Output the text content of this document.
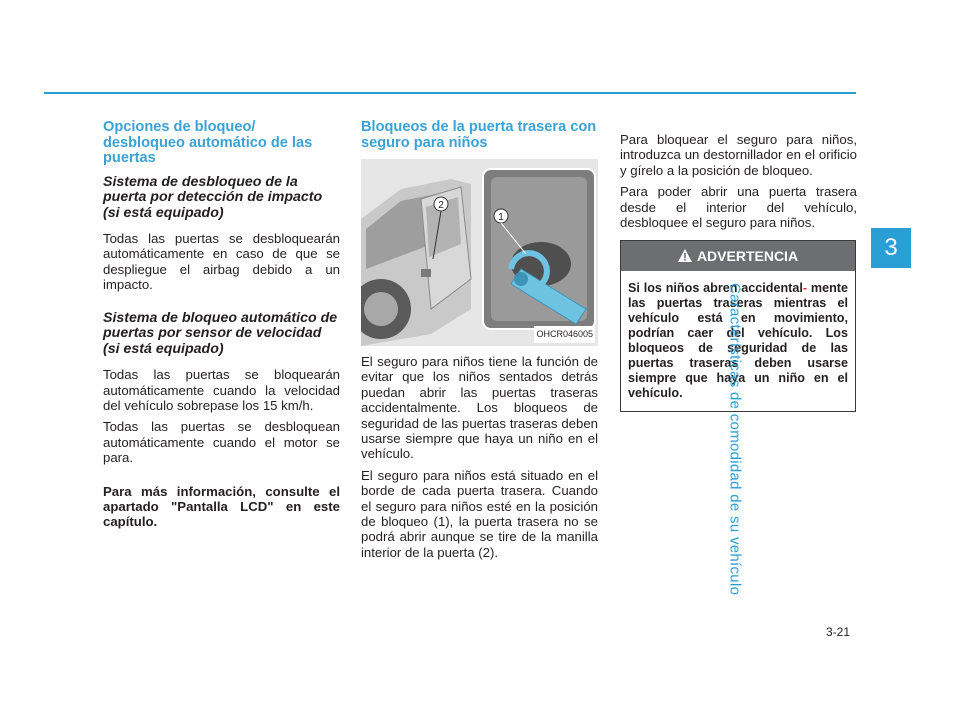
Opciones de bloqueo/ desbloqueo automático de las puertas
Sistema de desbloqueo de la puerta por detección de impacto (si está equipado)

Todas las puertas se desbloquearán automáticamente en caso de que se despliegue el airbag debido a un impacto.

Sistema de bloqueo automático de puertas por sensor de velocidad (si está equipado)

Todas las puertas se bloquearán automáticamente cuando la velocidad del vehículo sobrepase los 15 km/h.

Todas las puertas se desbloquean automáticamente cuando el motor se para.

Para más información, consulte el apartado "Pantalla LCD" en este capítulo.

Bloqueos de la puerta trasera con seguro para niños
2
1
OHCR046005

El seguro para niños tiene la función de evitar que los niños sentados detrás puedan abrir las puertas traseras accidentalmente. Los bloqueos de seguridad de las puertas traseras deben usarse siempre que haya un niño en el vehículo.

El seguro para niños está situado en el borde de cada puerta trasera. Cuando el seguro para niños esté en la posición de bloqueo (1), la puerta trasera no se podrá abrir aunque se tire de la manilla interior de la puerta (2).

Para bloquear el seguro para niños, introduzca un destornillador en el orificio y gírelo a la posición de bloqueo.

Para poder abrir una puerta trasera desde el interior del vehículo, desbloquee el seguro para niños.

ADVERTENCIA
Si los niños abren accidental- mente las puertas traseras mientras el vehículo está en movimiento, podrían caer del vehículo. Los bloqueos de seguridad de las puertas traseras deben usarse siempre que haya un niño en el vehículo.
3
Características de comodidad de su vehículo
3-21
